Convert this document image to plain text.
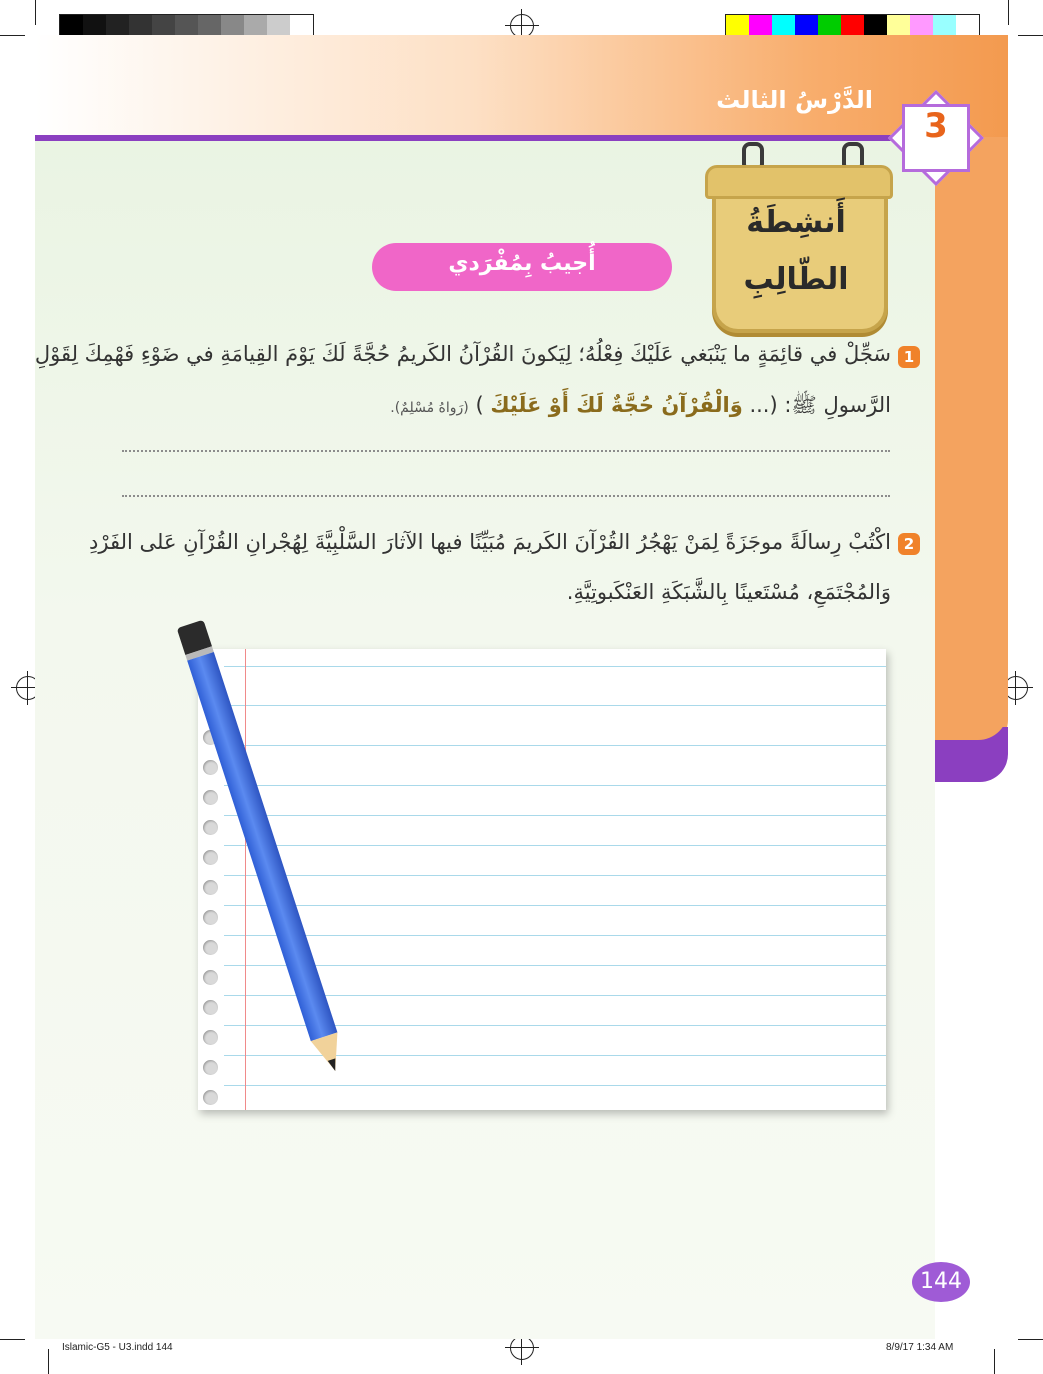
الدَّرْسُ الثالث
3
أَنشِطَةُ
الطّالِبِ
أُجيبُ بِمُفْرَدي
1
سَجِّلْ في قائِمَةٍ ما يَنْبَغي عَلَيْكَ فِعْلُهُ؛ لِيَكونَ القُرْآنُ الكَريمُ حُجَّةً لَكَ يَوْمَ القِيامَةِ في ضَوْءِ فَهْمِكَ لِقَوْلِ
الرَّسولِ ﷺ: (... وَالْقُرْآنُ حُجَّةٌ لَكَ أَوْ عَلَيْكَ ) (رَواهُ مُسْلِمٌ).
2
اكْتُبْ رِسالَةً موجَزَةً لِمَنْ يَهْجُرُ القُرْآنَ الكَريمَ مُبَيِّنًا فيها الآثارَ السَّلْبِيَّةَ لِهُجْرانِ القُرْآنِ عَلى الفَرْدِ
وَالمُجْتَمَعِ، مُسْتَعينًا بِالشَّبَكَةِ العَنْكَبوتِيَّةِ.
144
Islamic-G5 - U3.indd 144	8/9/17 1:34 AM
